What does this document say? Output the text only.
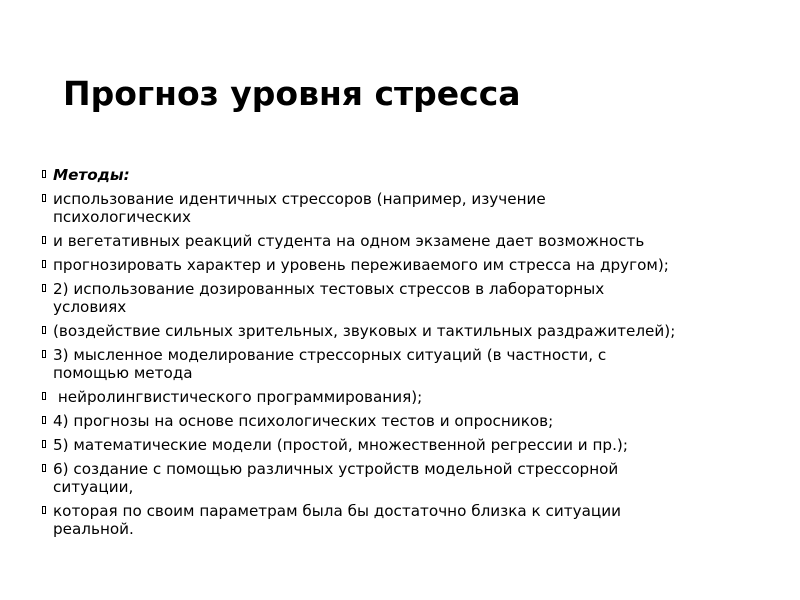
Прогноз уровня стресса
Методы:
использование идентичных стрессоров (например, изучение
психологических
и вегетативных реакций студента на одном экзамене дает возможность
прогнозировать характер и уровень переживаемого им стресса на другом);
2) использование дозированных тестовых стрессов в лабораторных
условиях
(воздействие сильных зрительных, звуковых и тактильных раздражителей);
3) мысленное моделирование стрессорных ситуаций (в частности, с
помощью метода
нейролингвистического программирования);
4) прогнозы на основе психологических тестов и опросников;
5) математические модели (простой, множественной регрессии и пр.);
6) создание с помощью различных устройств модельной стрессорной
ситуации,
которая по своим параметрам была бы достаточно близка к ситуации
реальной.
